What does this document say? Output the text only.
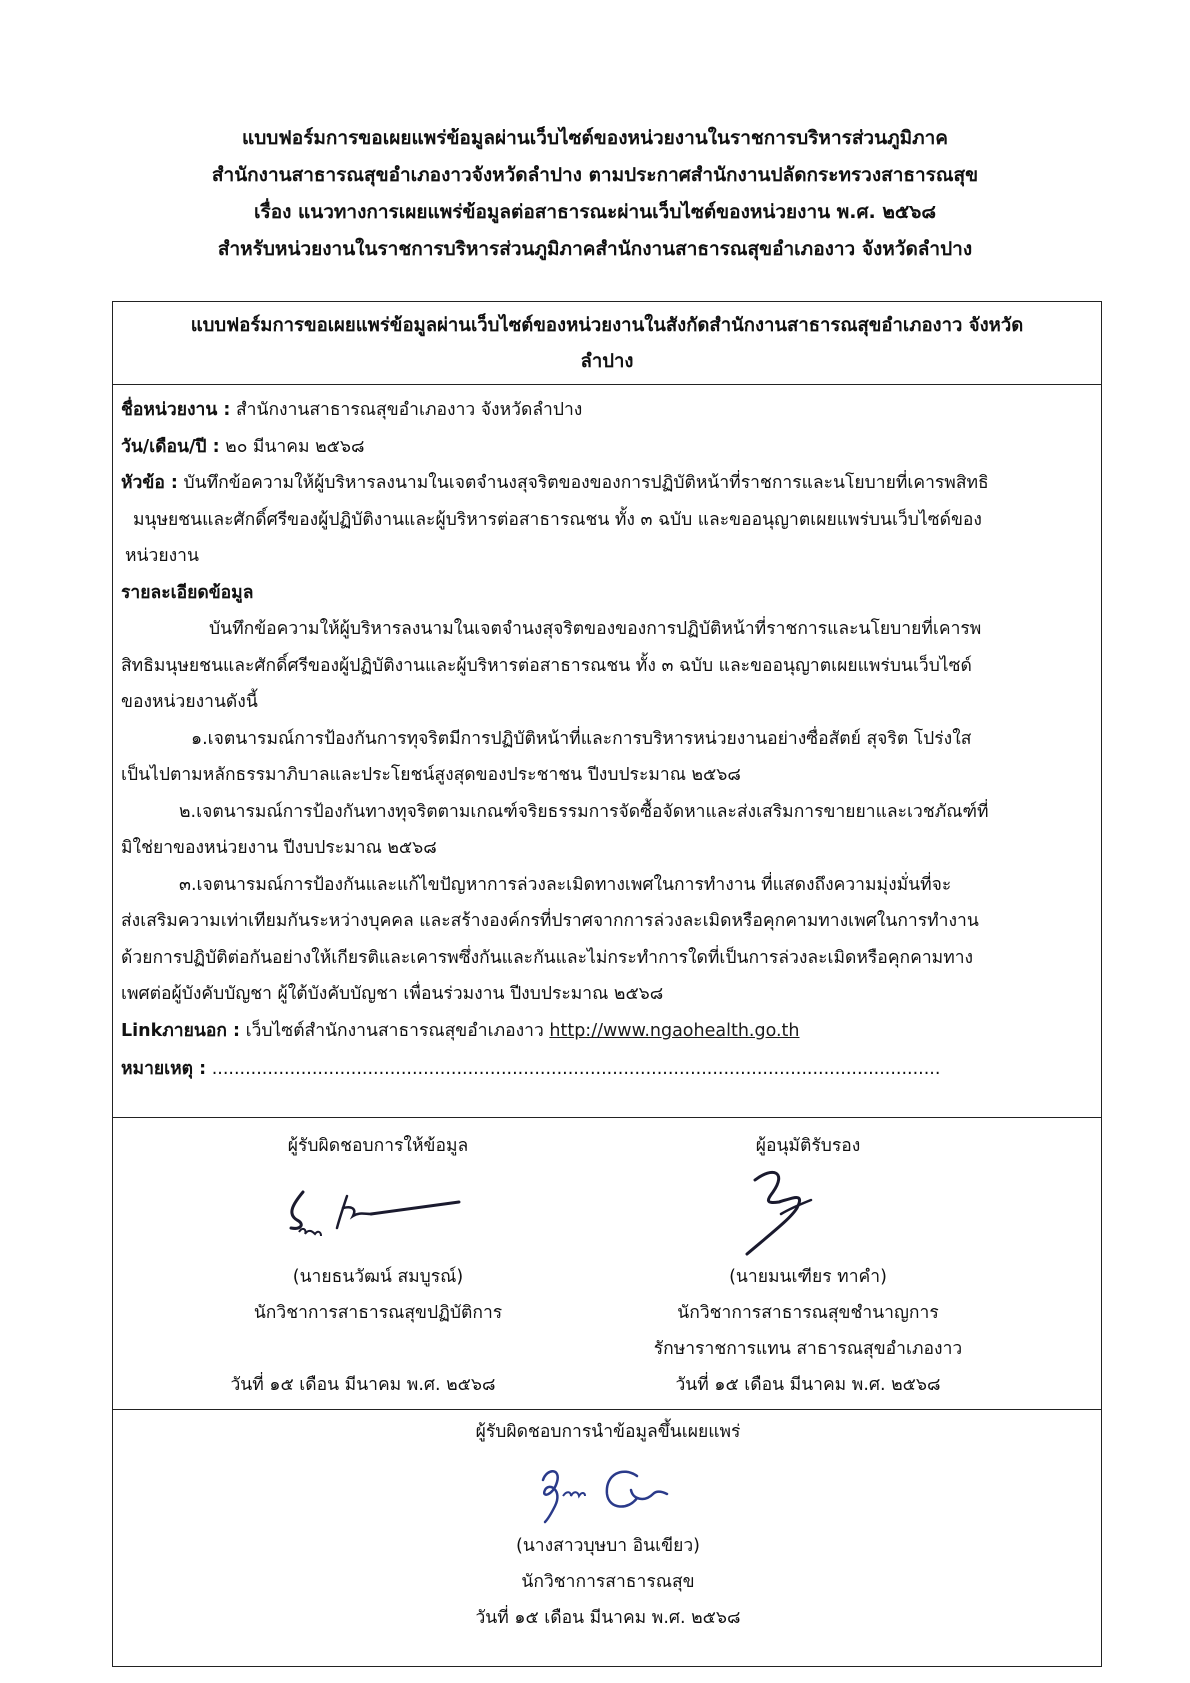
แบบฟอร์มการขอเผยแพร่ข้อมูลผ่านเว็บไซต์ของหน่วยงานในราชการบริหารส่วนภูมิภาค
สำนักงานสาธารณสุขอำเภองาวจังหวัดลำปาง ตามประกาศสำนักงานปลัดกระทรวงสาธารณสุข
เรื่อง แนวทางการเผยแพร่ข้อมูลต่อสาธารณะผ่านเว็บไซต์ของหน่วยงาน พ.ศ. ๒๕๖๘
สำหรับหน่วยงานในราชการบริหารส่วนภูมิภาคสำนักงานสาธารณสุขอำเภองาว จังหวัดลำปาง
แบบฟอร์มการขอเผยแพร่ข้อมูลผ่านเว็บไซต์ของหน่วยงานในสังกัดสำนักงานสาธารณสุขอำเภองาว จังหวัด
ลำปาง
ชื่อหน่วยงาน : สำนักงานสาธารณสุขอำเภองาว จังหวัดลำปาง
วัน/เดือน/ปี : ๒๐ มีนาคม ๒๕๖๘
หัวข้อ : บันทึกข้อความให้ผู้บริหารลงนามในเจตจำนงสุจริตของของการปฏิบัติหน้าที่ราชการและนโยบายที่เคารพสิทธิ
มนุษยชนและศักดิ์ศรีของผู้ปฏิบัติงานและผู้บริหารต่อสาธารณชน ทั้ง ๓ ฉบับ และขออนุญาตเผยแพร่บนเว็บไซด์ของ
หน่วยงาน
รายละเอียดข้อมูล
บันทึกข้อความให้ผู้บริหารลงนามในเจตจำนงสุจริตของของการปฏิบัติหน้าที่ราชการและนโยบายที่เคารพ
สิทธิมนุษยชนและศักดิ์ศรีของผู้ปฏิบัติงานและผู้บริหารต่อสาธารณชน ทั้ง ๓ ฉบับ และขออนุญาตเผยแพร่บนเว็บไซด์
ของหน่วยงานดังนี้
๑.เจตนารมณ์การป้องกันการทุจริตมีการปฏิบัติหน้าที่และการบริหารหน่วยงานอย่างซื่อสัตย์ สุจริต โปร่งใส
เป็นไปตามหลักธรรมาภิบาลและประโยชน์สูงสุดของประชาชน ปีงบประมาณ ๒๕๖๘
๒.เจตนารมณ์การป้องกันทางทุจริตตามเกณฑ์จริยธรรมการจัดซื้อจัดหาและส่งเสริมการขายยาและเวชภัณฑ์ที่
มิใช่ยาของหน่วยงาน ปีงบประมาณ ๒๕๖๘
๓.เจตนารมณ์การป้องกันและแก้ไขปัญหาการล่วงละเมิดทางเพศในการทำงาน ที่แสดงถึงความมุ่งมั่นที่จะ
ส่งเสริมความเท่าเทียมกันระหว่างบุคคล และสร้างองค์กรที่ปราศจากการล่วงละเมิดหรือคุกคามทางเพศในการทำงาน
ด้วยการปฏิบัติต่อกันอย่างให้เกียรติและเคารพซึ่งกันและกันและไม่กระทำการใดที่เป็นการล่วงละเมิดหรือคุกคามทาง
เพศต่อผู้บังคับบัญชา ผู้ใต้บังคับบัญชา เพื่อนร่วมงาน ปีงบประมาณ ๒๕๖๘
Linkภายนอก : เว็บไซต์สำนักงานสาธารณสุขอำเภองาว http://www.ngaohealth.go.th
หมายเหตุ : ...................................................................................................................................
ผู้รับผิดชอบการให้ข้อมูล
(นายธนวัฒน์ สมบูรณ์)
นักวิชาการสาธารณสุขปฏิบัติการ
วันที่ ๑๕ เดือน มีนาคม พ.ศ. ๒๕๖๘
ผู้อนุมัติรับรอง
(นายมนเฑียร ทาคำ)
นักวิชาการสาธารณสุขชำนาญการ
รักษาราชการแทน สาธารณสุขอำเภองาว
วันที่ ๑๕ เดือน มีนาคม พ.ศ. ๒๕๖๘
ผู้รับผิดชอบการนำข้อมูลขึ้นเผยแพร่
(นางสาวบุษบา อินเขียว)
นักวิชาการสาธารณสุข
วันที่ ๑๕ เดือน มีนาคม พ.ศ. ๒๕๖๘
